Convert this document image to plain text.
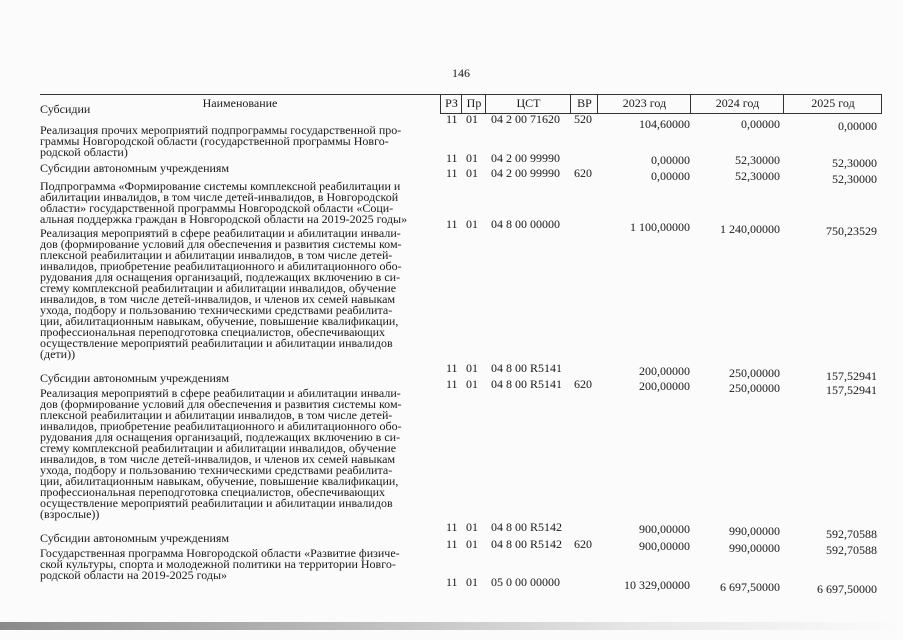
146
Наименование	РЗ Пр	ЦСТ	ВР	2023 год	2024 год	2025 год
Субсидии
Реализация прочих мероприятий подпрограммы государственной про-
граммы Новгородской области (государственной программы Новго-
родской области)
11 01 04 2 00 71620 520	104,60000	0,00000	0,00000
Субсидии автономным учреждениям
11 01 04 2 00 99990	0,00000	52,30000	52,30000
Подпрограмма «Формирование системы комплексной реабилитации и
абилитации инвалидов, в том числе детей-инвалидов, в Новгородской
области» государственной программы Новгородской области «Соци-
альная поддержка граждан в Новгородской области на 2019-2025 годы»
11 01 04 2 00 99990 620	0,00000	52,30000	52,30000
Реализация мероприятий в сфере реабилитации и абилитации инвали-
дов (формирование условий для обеспечения и развития системы ком-
плексной реабилитации и абилитации инвалидов, в том числе детей-
инвалидов, приобретение реабилитационного и абилитационного обо-
рудования для оснащения организаций, подлежащих включению в си-
стему комплексной реабилитации и абилитации инвалидов, обучение
инвалидов, в том числе детей-инвалидов, и членов их семей навыкам
ухода, подбору и пользованию техническими средствами реабилита-
ции, абилитационным навыкам, обучение, повышение квалификации,
профессиональная переподготовка специалистов, обеспечивающих
осуществление мероприятий реабилитации и абилитации инвалидов
(дети))
11 01 04 8 00 00000	1 100,00000	1 240,00000	750,23529
Субсидии автономным учреждениям
11 01 04 8 00 R5141	200,00000	250,00000	157,52941
Реализация мероприятий в сфере реабилитации и абилитации инвали-
дов (формирование условий для обеспечения и развития системы ком-
плексной реабилитации и абилитации инвалидов, в том числе детей-
инвалидов, приобретение реабилитационного и абилитационного обо-
рудования для оснащения организаций, подлежащих включению в си-
стему комплексной реабилитации и абилитации инвалидов, обучение
инвалидов, в том числе детей-инвалидов, и членов их семей навыкам
ухода, подбору и пользованию техническими средствами реабилита-
ции, абилитационным навыкам, обучение, повышение квалификации,
профессиональная переподготовка специалистов, обеспечивающих
осуществление мероприятий реабилитации и абилитации инвалидов
(взрослые))
11 01 04 8 00 R5141 620	200,00000	250,00000	157,52941
Субсидии автономным учреждениям
11 01 04 8 00 R5142	900,00000	990,00000	592,70588
Государственная программа Новгородской области «Развитие физиче-
ской культуры, спорта и молодежной политики на территории Новго-
родской области на 2019-2025 годы»
11 01 04 8 00 R5142 620	900,00000	990,00000	592,70588
11 01 05 0 00 00000	10 329,00000	6 697,50000	6 697,50000
